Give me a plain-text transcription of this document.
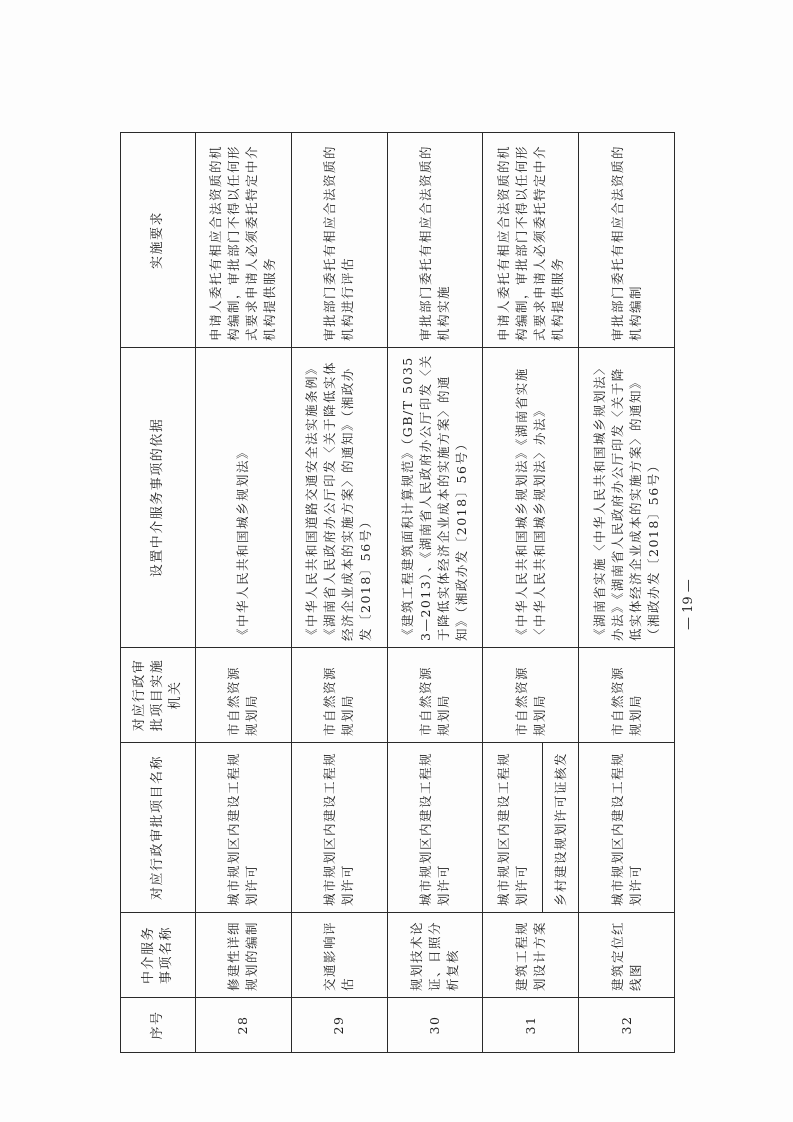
序号	中介服务事项名称	对应行政审批项目名称	对应行政审批项目实施机关	设置中介服务事项的依据	实施要求
28	修建性详细规划的编制	城市规划区内建设工程规划许可	市自然资源规划局	《中华人民共和国城乡规划法》	申请人委托有相应合法资质的机构编制，审批部门不得以任何形式要求申请人必须委托特定中介机构提供服务
29	交通影响评估	城市规划区内建设工程规划许可	市自然资源规划局	《中华人民共和国道路交通安全法实施条例》《湖南省人民政府办公厅印发〈关于降低实体经济企业成本的实施方案〉的通知》（湘政办发〔2018〕56号）	审批部门委托有相应合法资质的机构进行评估
30	规划技术论证、日照分析复核	城市规划区内建设工程规划许可	市自然资源规划局	《建筑工程建筑面积计算规范》（GB/T 50353—2013）、《湖南省人民政府办公厅印发〈关于降低实体经济企业成本的实施方案〉的通知》（湘政办发〔2018〕56号）	审批部门委托有相应合法资质的机构实施
31	建筑工程规划设计方案	城市规划区内建设工程规划许可	市自然资源规划局	《中华人民共和国城乡规划法》《湖南省实施〈中华人民共和国城乡规划法〉办法》	申请人委托有相应合法资质的机构编制，审批部门不得以任何形式要求申请人必须委托特定中介机构提供服务
		乡村建设规划许可证核发			
32	建筑定位红线图	城市规划区内建设工程规划许可	市自然资源规划局	《湖南省实施〈中华人民共和国城乡规划法〉办法》《湖南省人民政府办公厅印发〈关于降低实体经济企业成本的实施方案〉的通知》（湘政办发〔2018〕56号）	审批部门委托有相应合法资质的机构编制
— 19 —
